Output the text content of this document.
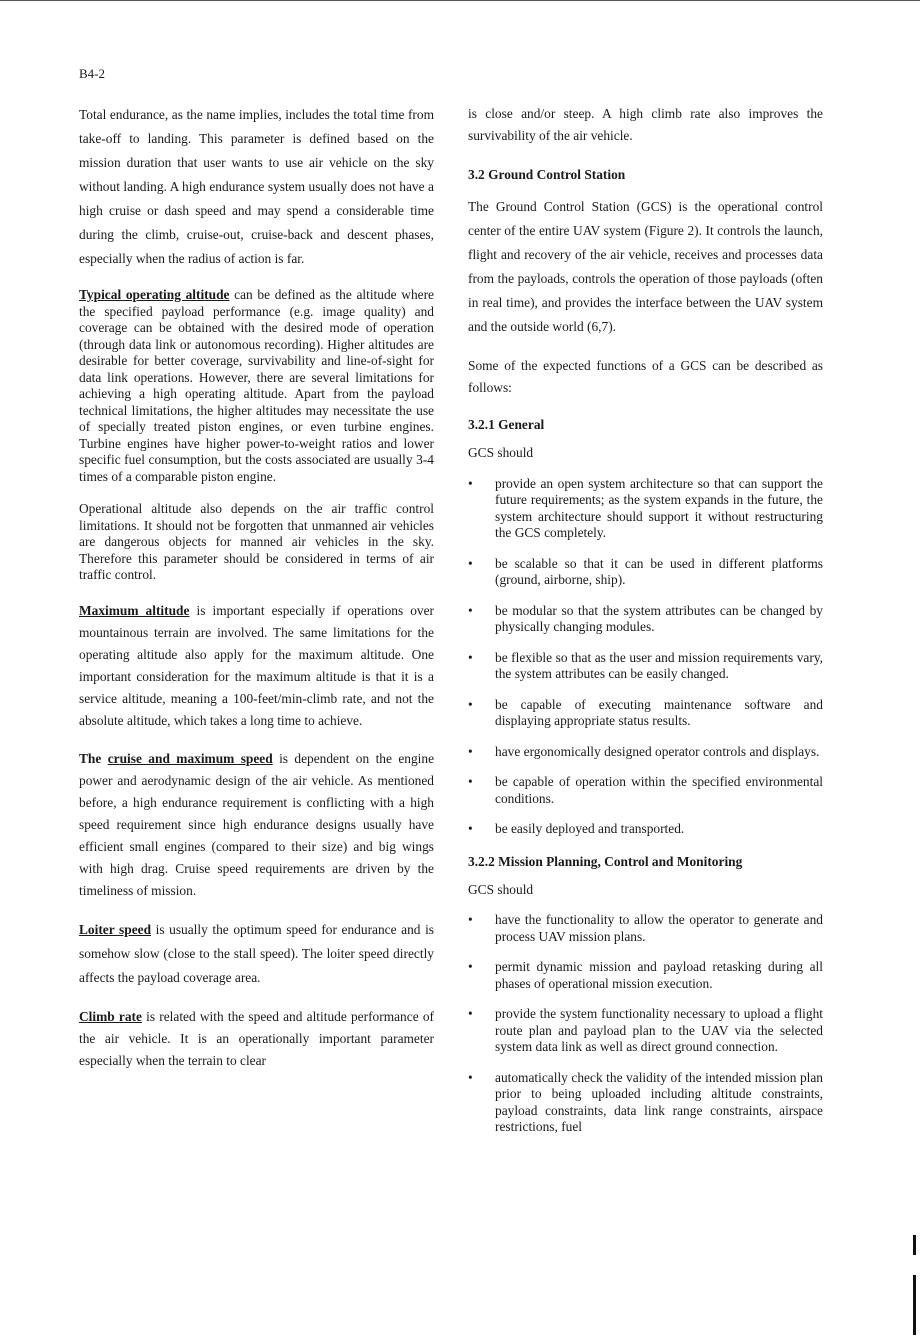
B4-2

Total endurance, as the name implies, includes the total time from take-off to landing. This parameter is defined based on the mission duration that user wants to use air vehicle on the sky without landing. A high endurance system usually does not have a high cruise or dash speed and may spend a considerable time during the climb, cruise-out, cruise-back and descent phases, especially when the radius of action is far.

Typical operating altitude can be defined as the altitude where the specified payload performance (e.g. image quality) and coverage can be obtained with the desired mode of operation (through data link or autonomous recording). Higher altitudes are desirable for better coverage, survivability and line-of-sight for data link operations. However, there are several limitations for achieving a high operating altitude. Apart from the payload technical limitations, the higher altitudes may necessitate the use of specially treated piston engines, or even turbine engines. Turbine engines have higher power-to-weight ratios and lower specific fuel consumption, but the costs associated are usually 3-4 times of a comparable piston engine.

Operational altitude also depends on the air traffic control limitations. It should not be forgotten that unmanned air vehicles are dangerous objects for manned air vehicles in the sky. Therefore this parameter should be considered in terms of air traffic control.

Maximum altitude is important especially if operations over mountainous terrain are involved. The same limitations for the operating altitude also apply for the maximum altitude. One important consideration for the maximum altitude is that it is a service altitude, meaning a 100-feet/min-climb rate, and not the absolute altitude, which takes a long time to achieve.

The cruise and maximum speed is dependent on the engine power and aerodynamic design of the air vehicle. As mentioned before, a high endurance requirement is conflicting with a high speed requirement since high endurance designs usually have efficient small engines (compared to their size) and big wings with high drag. Cruise speed requirements are driven by the timeliness of mission.

Loiter speed is usually the optimum speed for endurance and is somehow slow (close to the stall speed). The loiter speed directly affects the payload coverage area.

Climb rate is related with the speed and altitude performance of the air vehicle. It is an operationally important parameter especially when the terrain to clear

is close and/or steep. A high climb rate also improves the survivability of the air vehicle.

3.2 Ground Control Station

The Ground Control Station (GCS) is the operational control center of the entire UAV system (Figure 2). It controls the launch, flight and recovery of the air vehicle, receives and processes data from the payloads, controls the operation of those payloads (often in real time), and provides the interface between the UAV system and the outside world (6,7).

Some of the expected functions of a GCS can be described as follows:

3.2.1 General

GCS should

• provide an open system architecture so that can support the future requirements; as the system expands in the future, the system architecture should support it without restructuring the GCS completely.
• be scalable so that it can be used in different platforms (ground, airborne, ship).
• be modular so that the system attributes can be changed by physically changing modules.
• be flexible so that as the user and mission requirements vary, the system attributes can be easily changed.
• be capable of executing maintenance software and displaying appropriate status results.
• have ergonomically designed operator controls and displays.
• be capable of operation within the specified environmental conditions.
• be easily deployed and transported.
3.2.2 Mission Planning, Control and Monitoring

GCS should

• have the functionality to allow the operator to generate and process UAV mission plans.
• permit dynamic mission and payload retasking during all phases of operational mission execution.
• provide the system functionality necessary to upload a flight route plan and payload plan to the UAV via the selected system data link as well as direct ground connection.
• automatically check the validity of the intended mission plan prior to being uploaded including altitude constraints, payload constraints, data link range constraints, airspace restrictions, fuel
